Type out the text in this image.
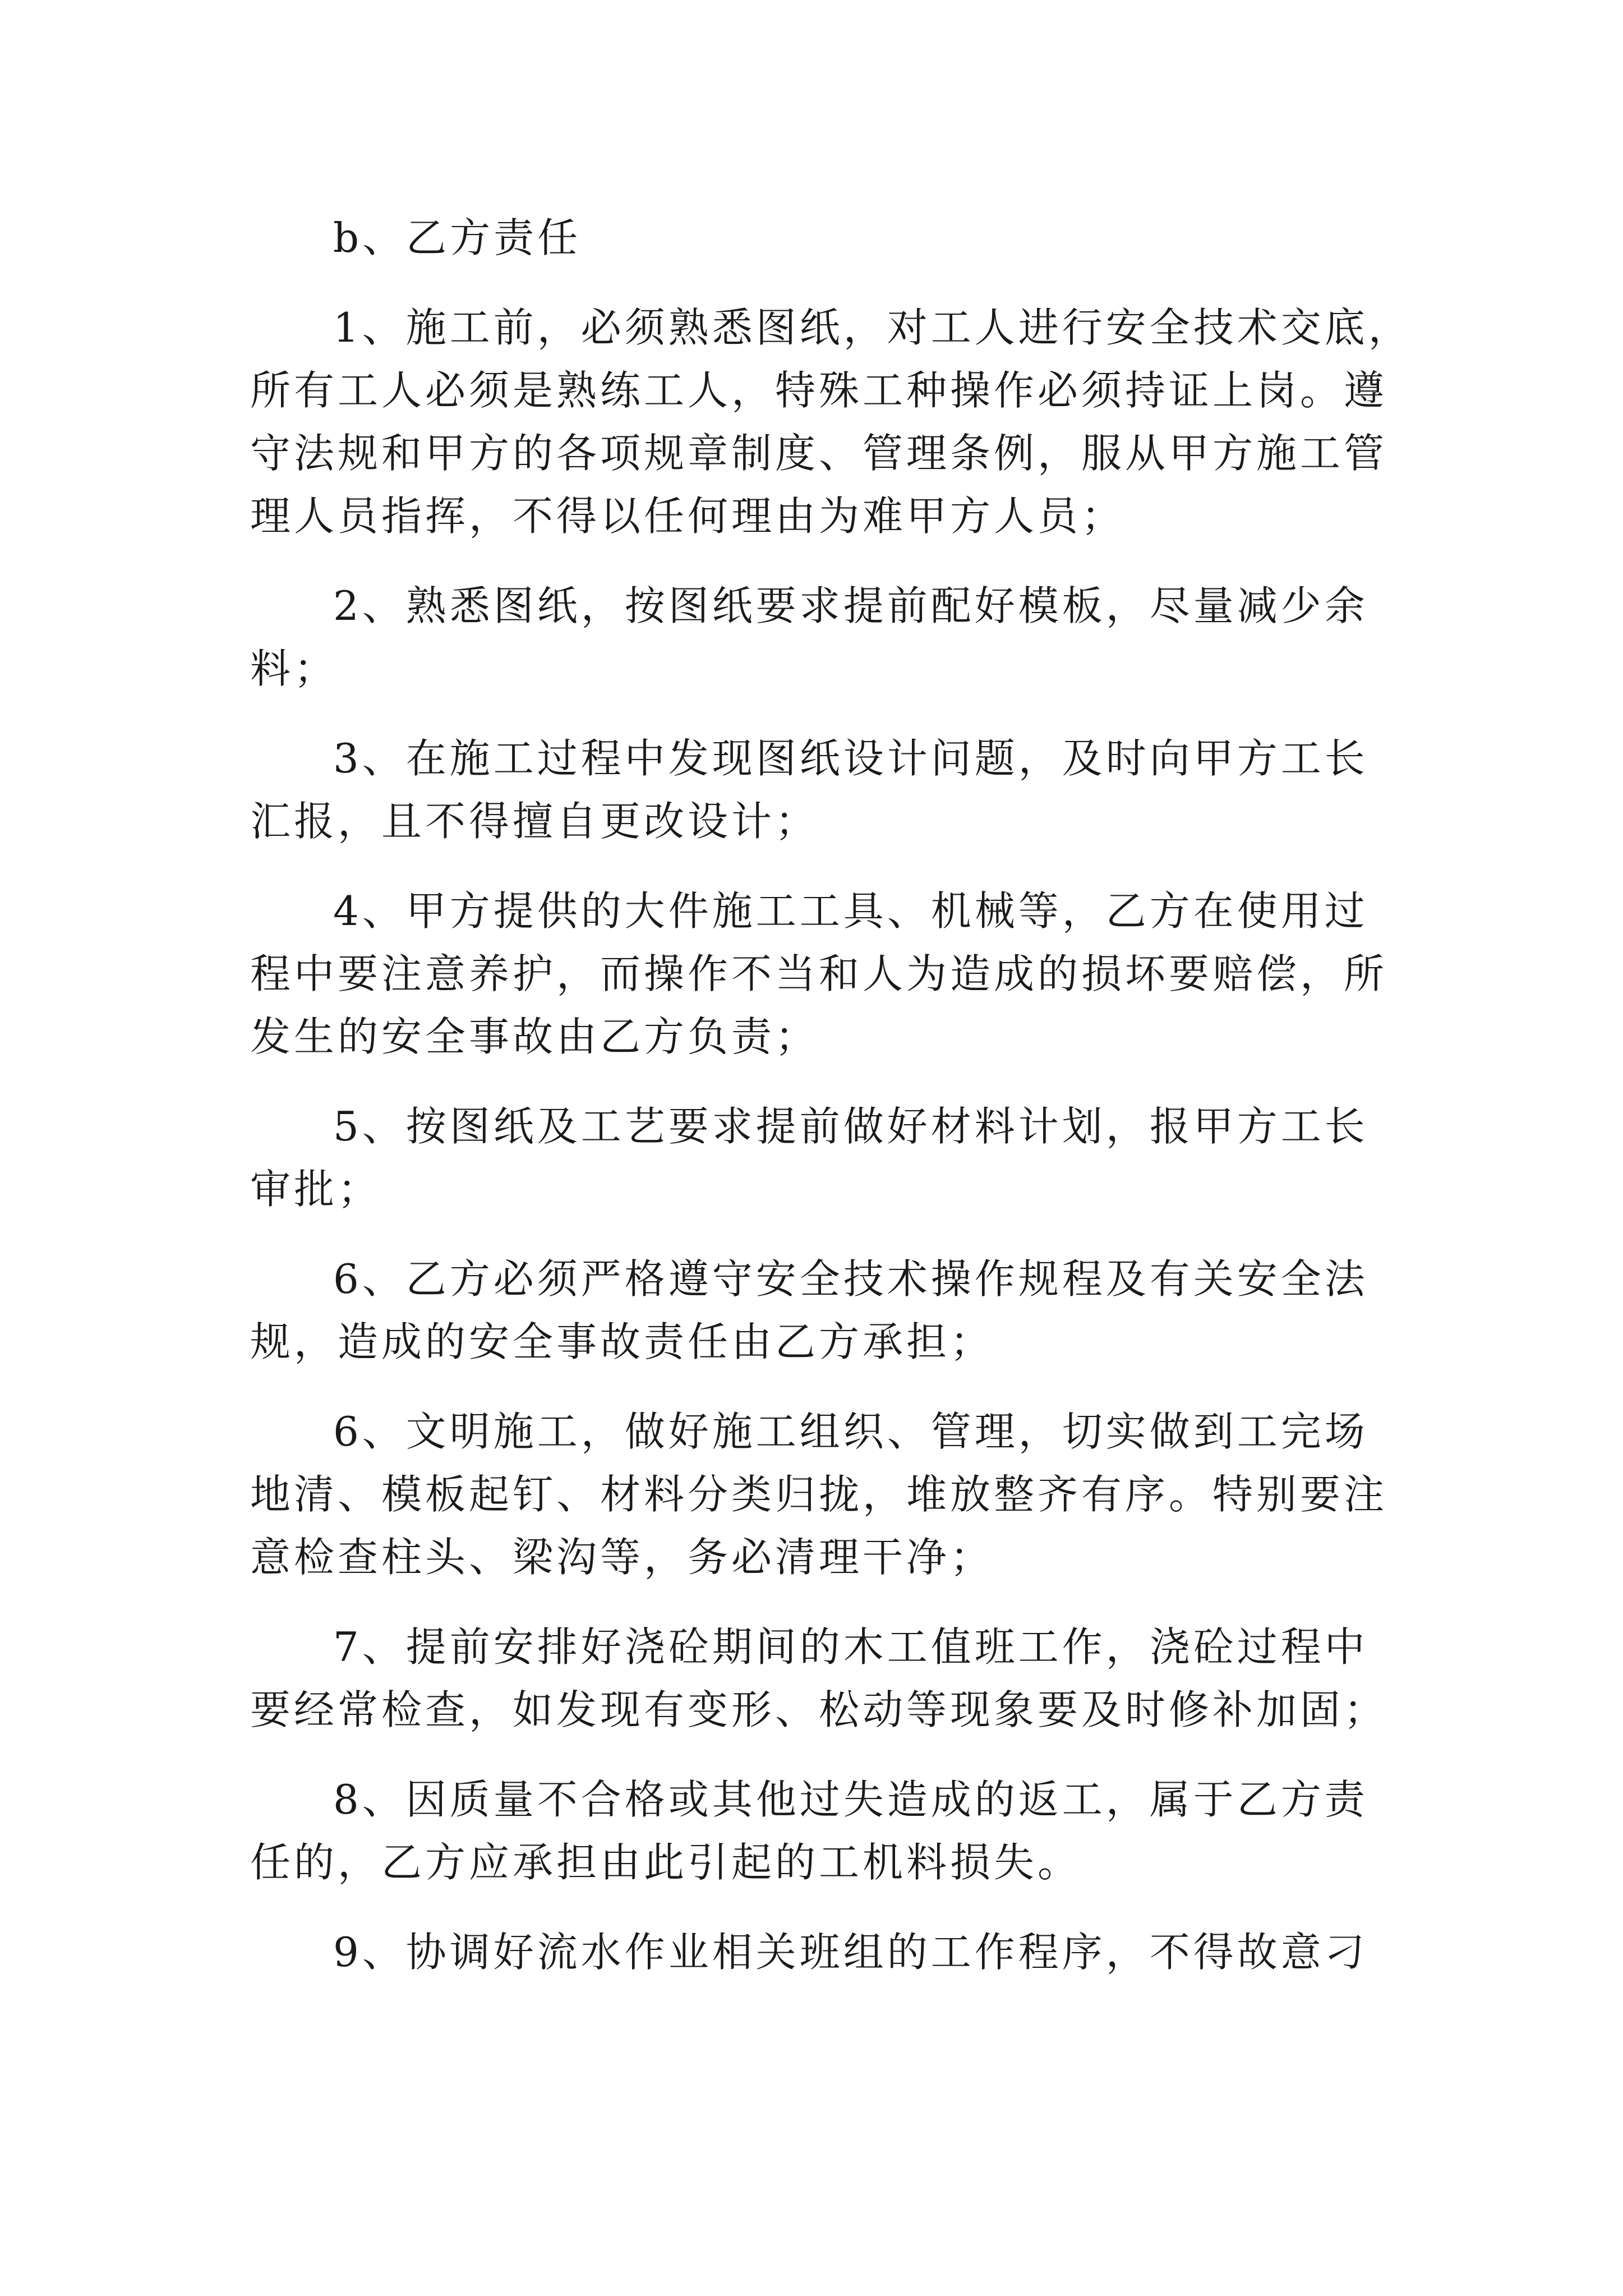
b、乙方责任
1、施工前，必须熟悉图纸，对工人进行安全技术交底，
所有工人必须是熟练工人，特殊工种操作必须持证上岗。遵
守法规和甲方的各项规章制度、管理条例，服从甲方施工管
理人员指挥，不得以任何理由为难甲方人员；
2、熟悉图纸，按图纸要求提前配好模板，尽量减少余
料；
3、在施工过程中发现图纸设计问题，及时向甲方工长
汇报，且不得擅自更改设计；
4、甲方提供的大件施工工具、机械等，乙方在使用过
程中要注意养护，而操作不当和人为造成的损坏要赔偿，所
发生的安全事故由乙方负责；
5、按图纸及工艺要求提前做好材料计划，报甲方工长
审批；
6、乙方必须严格遵守安全技术操作规程及有关安全法
规，造成的安全事故责任由乙方承担；
6、文明施工，做好施工组织、管理，切实做到工完场
地清、模板起钉、材料分类归拢，堆放整齐有序。特别要注
意检查柱头、梁沟等，务必清理干净；
7、提前安排好浇砼期间的木工值班工作，浇砼过程中
要经常检查，如发现有变形、松动等现象要及时修补加固；
8、因质量不合格或其他过失造成的返工，属于乙方责
任的，乙方应承担由此引起的工机料损失。
9、协调好流水作业相关班组的工作程序，不得故意刁
